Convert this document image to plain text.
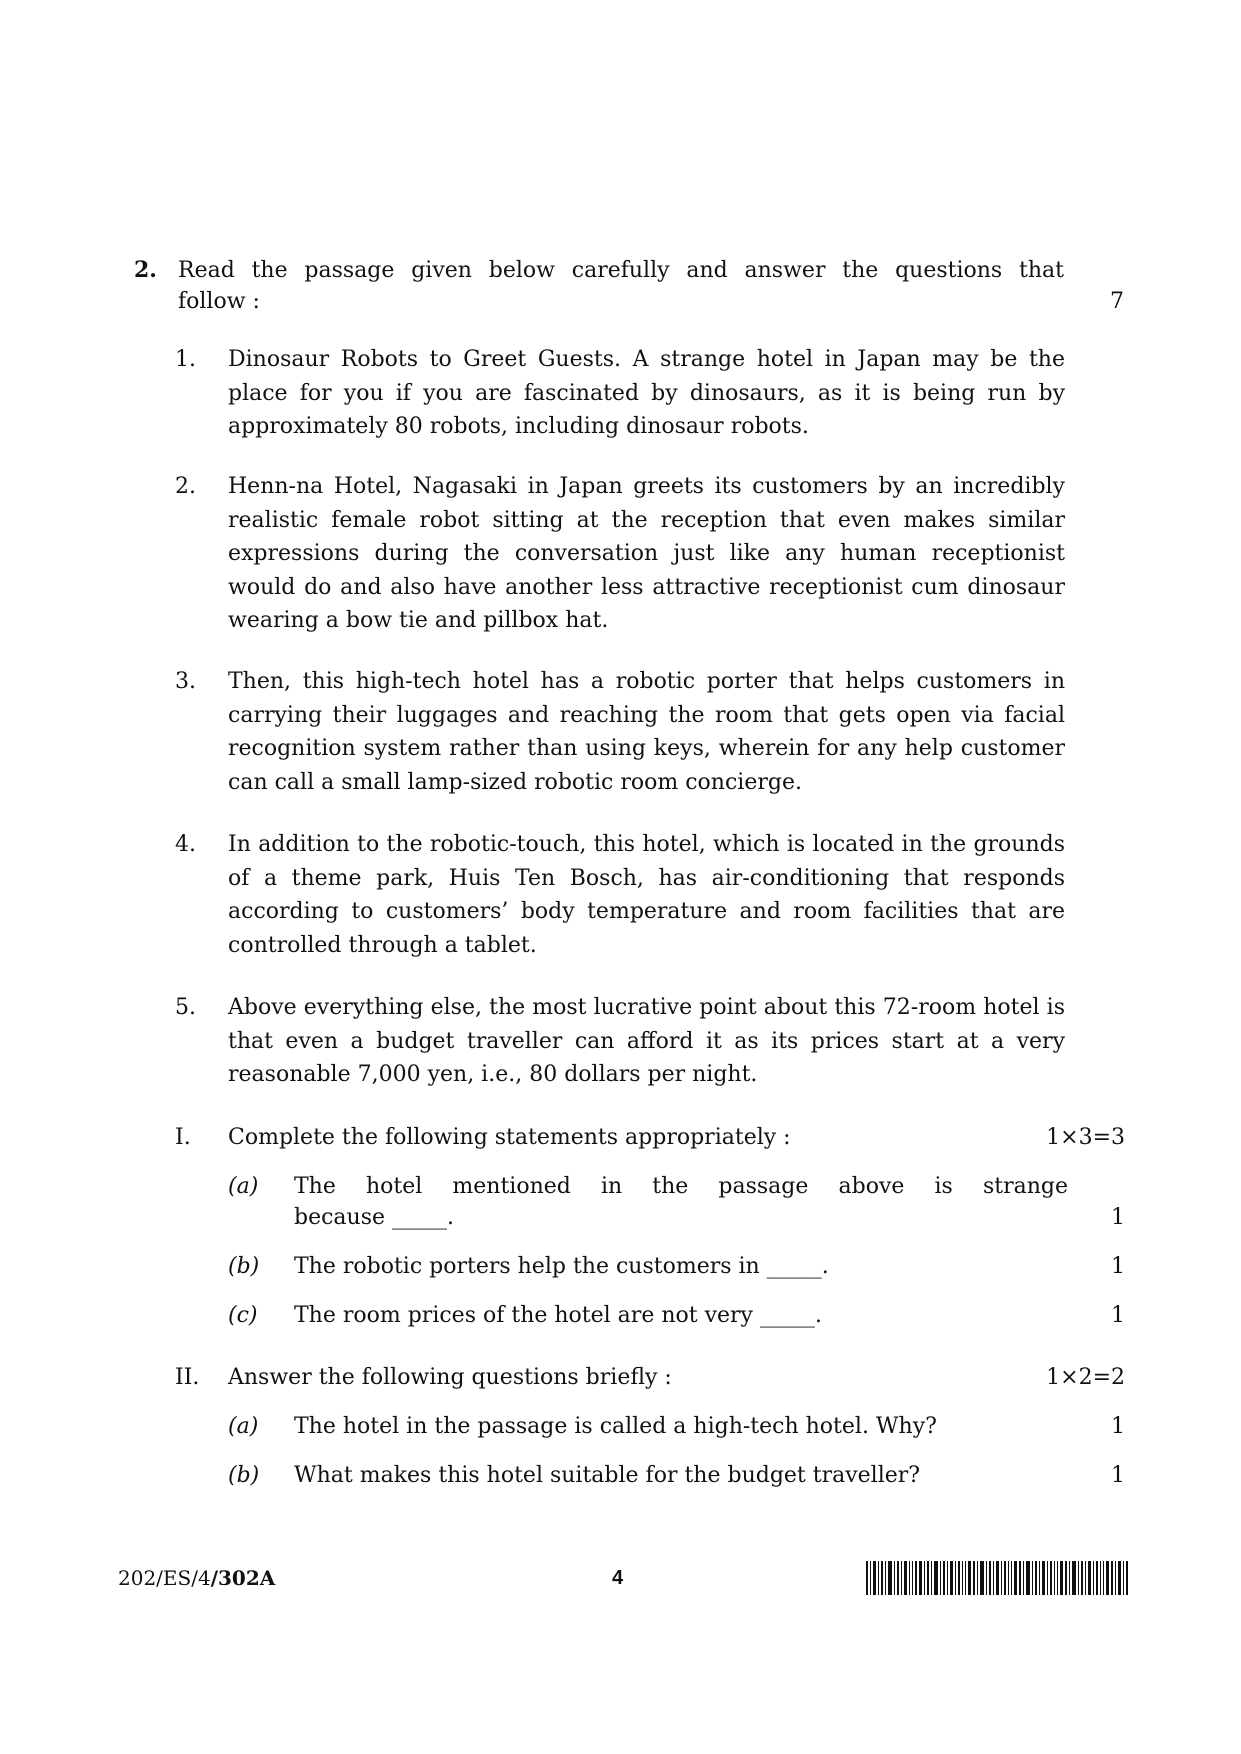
2. Read the passage given below carefully and answer the questions that
follow :	7
1. Dinosaur Robots to Greet Guests. A strange hotel in Japan may be the place for you if you are fascinated by dinosaurs, as it is being run by approximately 80 robots, including dinosaur robots.
2. Henn-na Hotel, Nagasaki in Japan greets its customers by an incredibly realistic female robot sitting at the reception that even makes similar expressions during the conversation just like any human receptionist would do and also have another less attractive receptionist cum dinosaur wearing a bow tie and pillbox hat.
3. Then, this high-tech hotel has a robotic porter that helps customers in carrying their luggages and reaching the room that gets open via facial recognition system rather than using keys, wherein for any help customer can call a small lamp-sized robotic room concierge.
4. In addition to the robotic-touch, this hotel, which is located in the grounds of a theme park, Huis Ten Bosch, has air-conditioning that responds according to customers’ body temperature and room facilities that are controlled through a tablet.
5. Above everything else, the most lucrative point about this 72-room hotel is that even a budget traveller can afford it as its prices start at a very reasonable 7,000 yen, i.e., 80 dollars per night.
I. Complete the following statements appropriately :	1×3=3
(a) The hotel mentioned in the passage above is strange
because _____.	1
(b) The robotic porters help the customers in _____.	1
(c) The room prices of the hotel are not very _____.	1
II. Answer the following questions briefly :	1×2=2
(a) The hotel in the passage is called a high-tech hotel. Why?	1
(b) What makes this hotel suitable for the budget traveller?	1
202/ES/4/302A	4
